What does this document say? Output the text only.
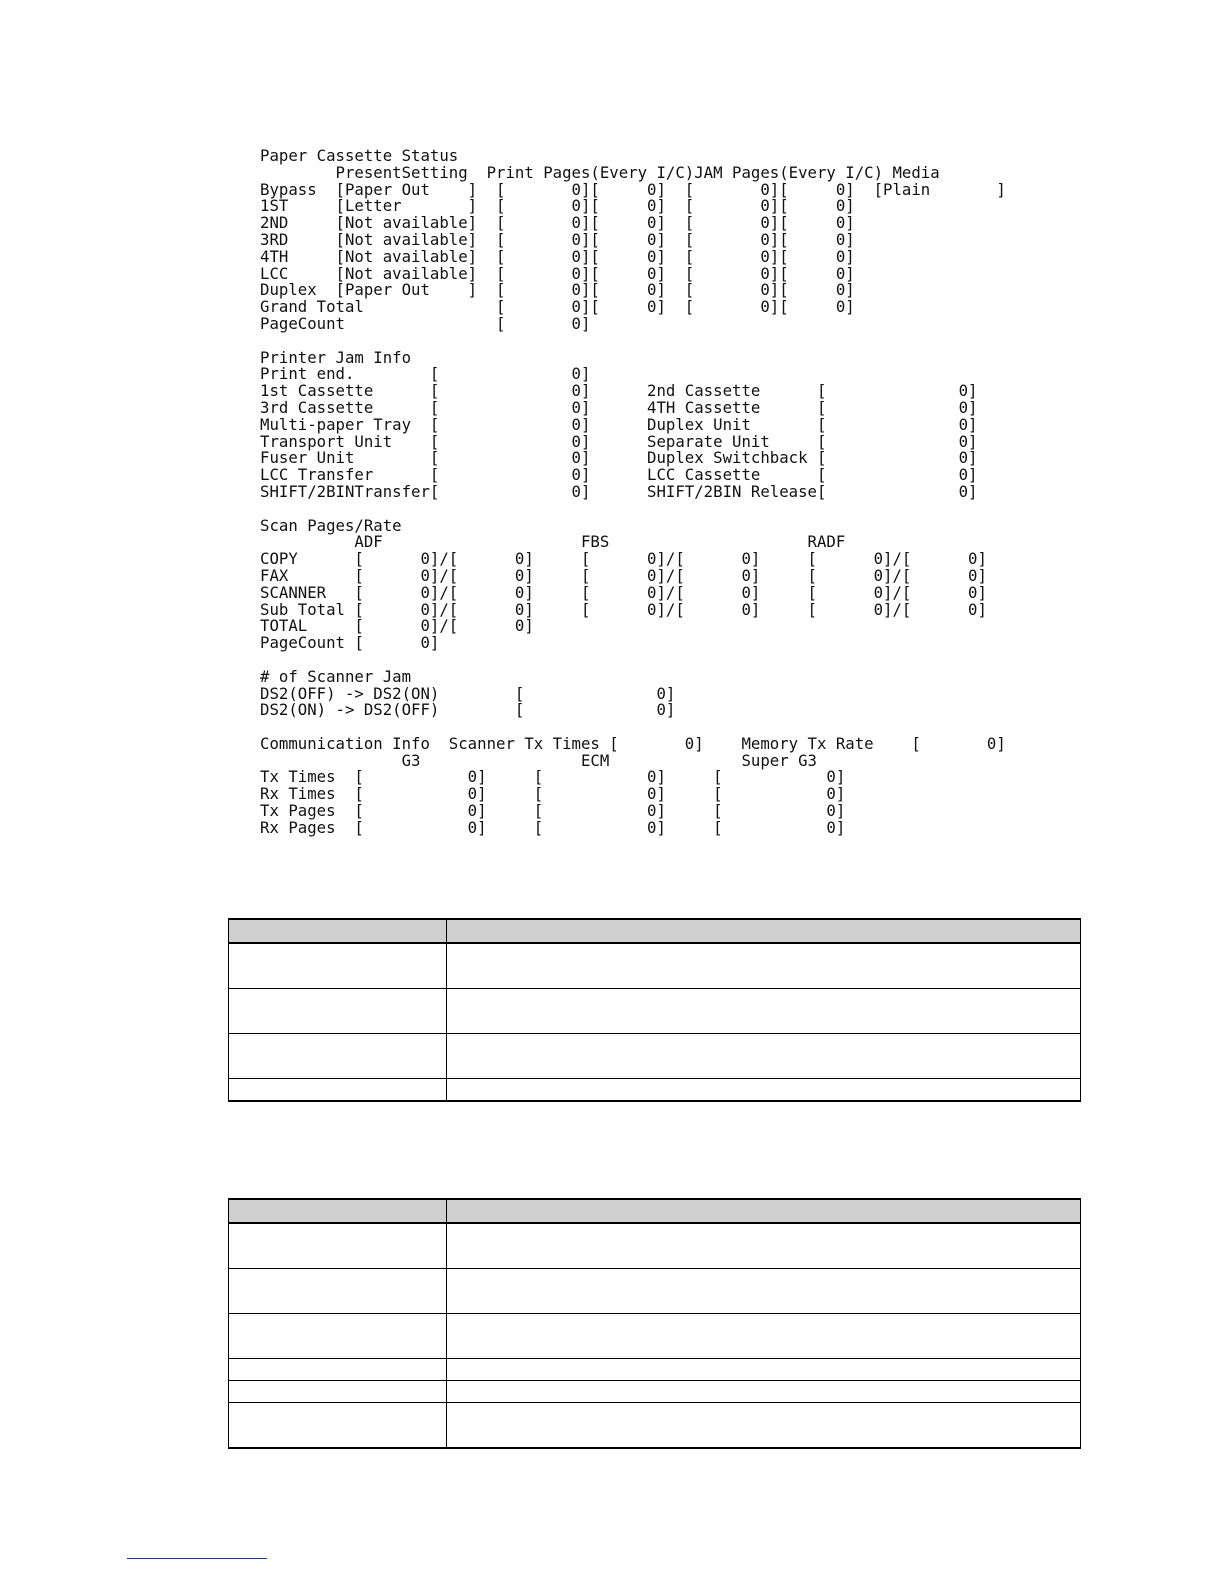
Paper Cassette Status
PresentSetting  Print Pages(Every I/C)JAM Pages(Every I/C) Media
Bypass  [Paper Out    ]  [       0][     0]  [       0][     0]  [Plain       ]
1ST     [Letter       ]  [       0][     0]  [       0][     0]
2ND     [Not available]  [       0][     0]  [       0][     0]
3RD     [Not available]  [       0][     0]  [       0][     0]
4TH     [Not available]  [       0][     0]  [       0][     0]
LCC     [Not available]  [       0][     0]  [       0][     0]
Duplex  [Paper Out    ]  [       0][     0]  [       0][     0]
Grand Total              [       0][     0]  [       0][     0]
PageCount                [       0]
Printer Jam Info
Print end.        [              0]
1st Cassette      [              0]      2nd Cassette      [              0]
3rd Cassette      [              0]      4TH Cassette      [              0]
Multi-paper Tray  [              0]      Duplex Unit       [              0]
Transport Unit    [              0]      Separate Unit     [              0]
Fuser Unit        [              0]      Duplex Switchback [              0]
LCC Transfer      [              0]      LCC Cassette      [              0]
SHIFT/2BINTransfer[              0]      SHIFT/2BIN Release[              0]
Scan Pages/Rate
ADF                     FBS                     RADF
COPY      [      0]/[      0]     [      0]/[      0]     [      0]/[      0]
FAX       [      0]/[      0]     [      0]/[      0]     [      0]/[      0]
SCANNER   [      0]/[      0]     [      0]/[      0]     [      0]/[      0]
Sub Total [      0]/[      0]     [      0]/[      0]     [      0]/[      0]
TOTAL     [      0]/[      0]
PageCount [      0]
# of Scanner Jam
DS2(OFF) -> DS2(ON)        [              0]
DS2(ON) -> DS2(OFF)        [              0]
Communication Info  Scanner Tx Times [       0]    Memory Tx Rate    [       0]
G3                 ECM              Super G3
Tx Times  [           0]     [           0]     [           0]
Rx Times  [           0]     [           0]     [           0]
Tx Pages  [           0]     [           0]     [           0]
Rx Pages  [           0]     [           0]     [           0]
